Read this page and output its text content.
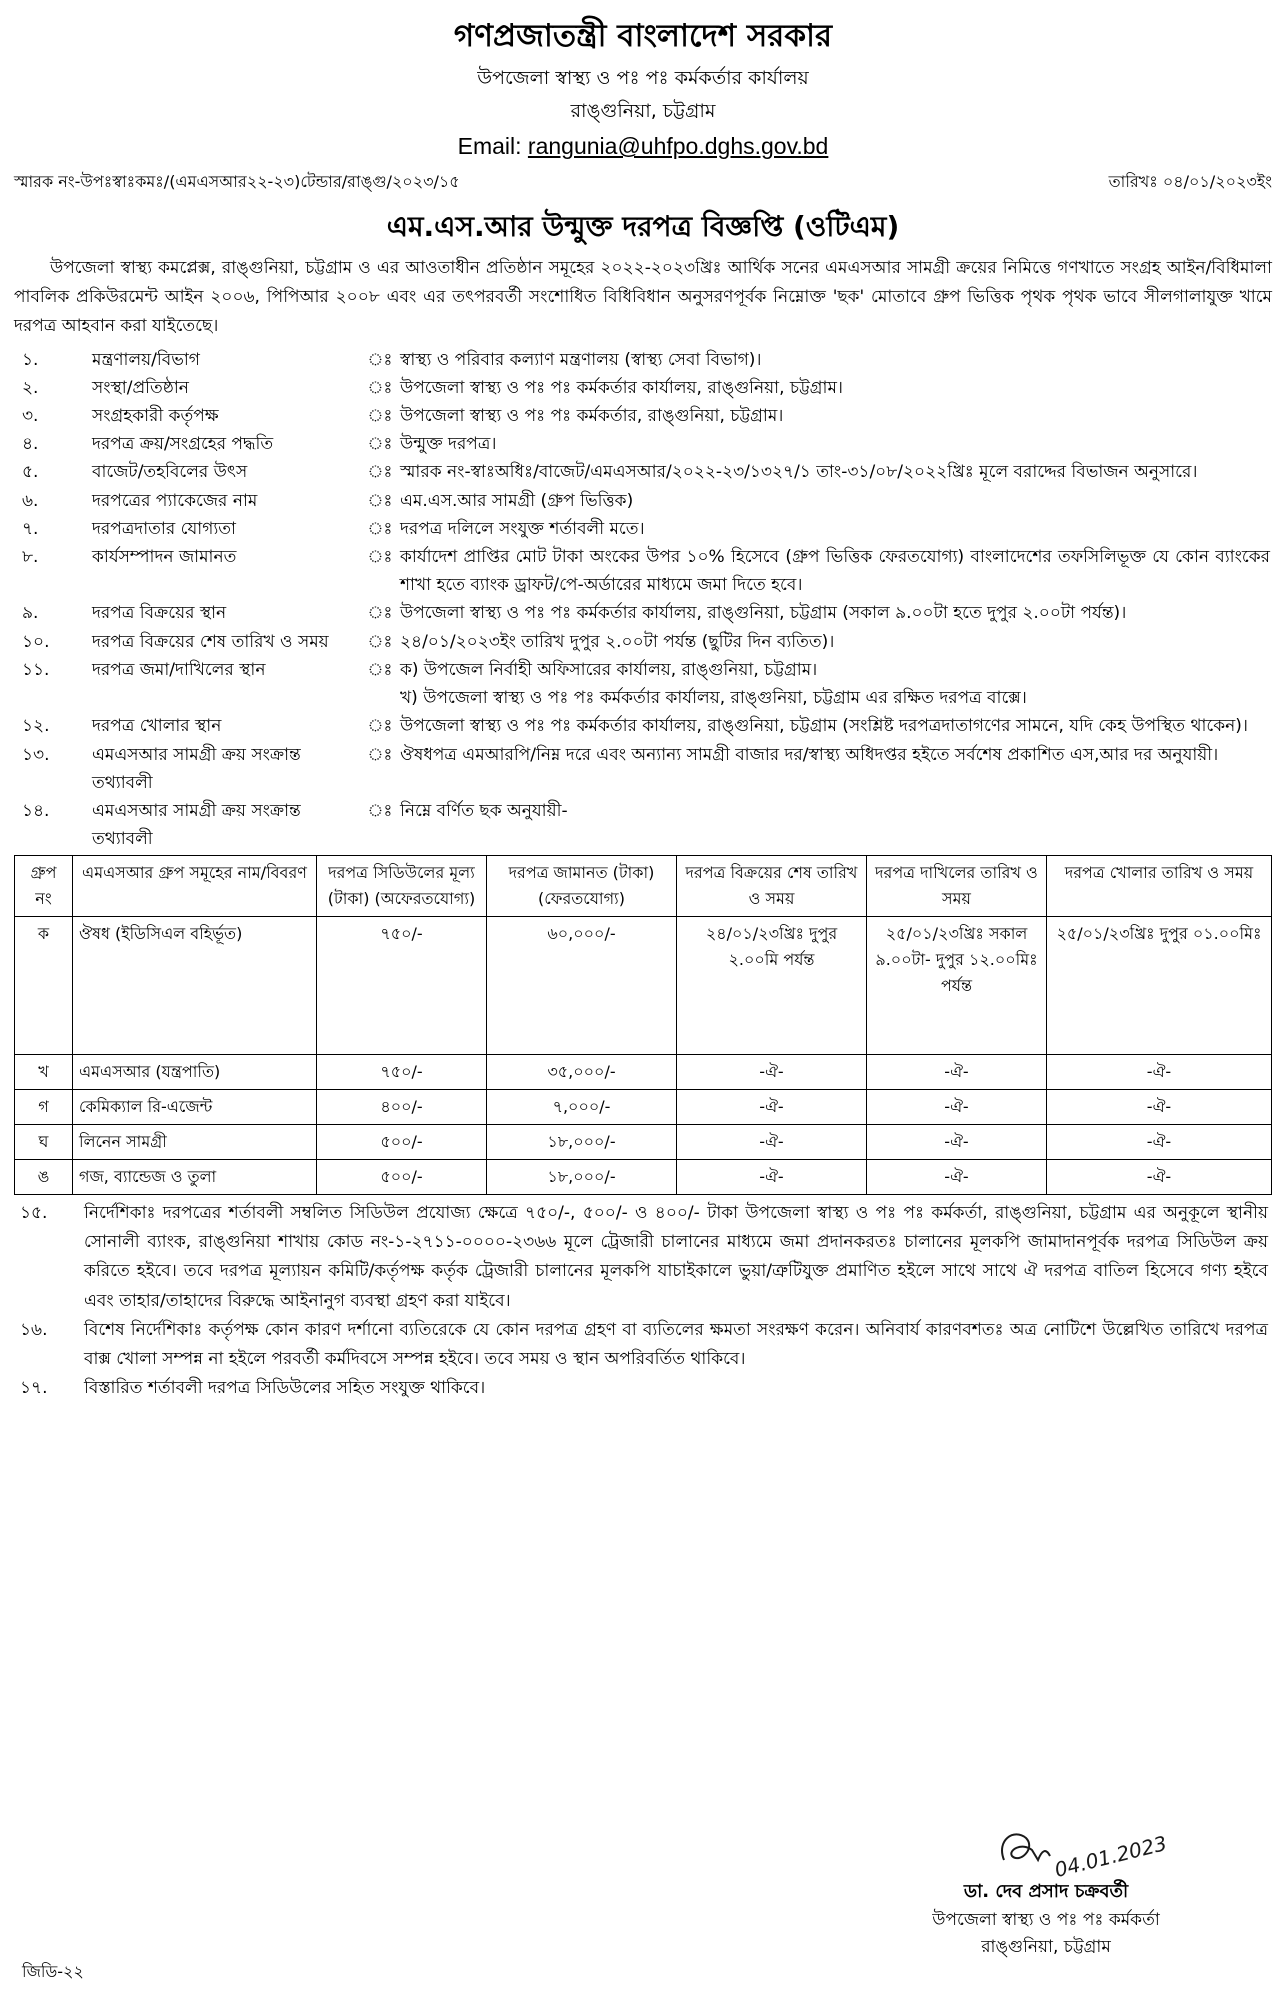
গণপ্রজাতন্ত্রী বাংলাদেশ সরকার
উপজেলা স্বাস্থ্য ও পঃ পঃ কর্মকর্তার কার্যালয়
রাঙ্গুনিয়া, চট্টগ্রাম
Email: rangunia@uhfpo.dghs.gov.bd
স্মারক নং-উপঃস্বাঃকমঃ/(এমএসআর২২-২৩)টেন্ডার/রাঙ্গু/২০২৩/১৫	তারিখঃ ০৪/০১/২০২৩ইং
এম.এস.আর উন্মুক্ত দরপত্র বিজ্ঞপ্তি (ওটিএম)
উপজেলা স্বাস্থ্য কমপ্লেক্স, রাঙ্গুনিয়া, চট্টগ্রাম ও এর আওতাধীন প্রতিষ্ঠান সমূহের ২০২২-২০২৩খ্রিঃ আর্থিক সনের এমএসআর সামগ্রী ক্রয়ের নিমিত্তে গণখাতে সংগ্রহ আইন/বিধিমালা পাবলিক প্রকিউরমেন্ট আইন ২০০৬, পিপিআর ২০০৮ এবং এর তৎপরবর্তী সংশোধিত বিধিবিধান অনুসরণপূর্বক নিম্নোক্ত 'ছক' মোতাবে গ্রুপ ভিত্তিক পৃথক পৃথক ভাবে সীলগালাযুক্ত খামে দরপত্র আহবান করা যাইতেছে।
১.	মন্ত্রণালয়/বিভাগ	ঃ স্বাস্থ্য ও পরিবার কল্যাণ মন্ত্রণালয় (স্বাস্থ্য সেবা বিভাগ)।
২.	সংস্থা/প্রতিষ্ঠান	ঃ উপজেলা স্বাস্থ্য ও পঃ পঃ কর্মকর্তার কার্যালয়, রাঙ্গুনিয়া, চট্টগ্রাম।
৩.	সংগ্রহকারী কর্তৃপক্ষ	ঃ উপজেলা স্বাস্থ্য ও পঃ পঃ কর্মকর্তার, রাঙ্গুনিয়া, চট্টগ্রাম।
৪.	দরপত্র ক্রয়/সংগ্রহের পদ্ধতি	ঃ উন্মুক্ত দরপত্র।
৫.	বাজেট/তহবিলের উৎস	ঃ স্মারক নং-স্বাঃঅধিঃ/বাজেট/এমএসআর/২০২২-২৩/১৩২৭/১ তাং-৩১/০৮/২০২২খ্রিঃ মূলে বরাদ্দের বিভাজন অনুসারে।
৬.	দরপত্রের প্যাকেজের নাম	ঃ এম.এস.আর সামগ্রী (গ্রুপ ভিত্তিক)
৭.	দরপত্রদাতার যোগ্যতা	ঃ দরপত্র দলিলে সংযুক্ত শর্তাবলী মতে।
৮.	কার্যসম্পাদন জামানত	ঃ কার্যাদেশ প্রাপ্তির মোট টাকা অংকের উপর ১০% হিসেবে (গ্রুপ ভিত্তিক ফেরতযোগ্য) বাংলাদেশের তফসিলিভূক্ত যে কোন ব্যাংকের শাখা হতে ব্যাংক ড্রাফট/পে-অর্ডারের মাধ্যমে জমা দিতে হবে।
৯.	দরপত্র বিক্রয়ের স্থান	ঃ উপজেলা স্বাস্থ্য ও পঃ পঃ কর্মকর্তার কার্যালয়, রাঙ্গুনিয়া, চট্টগ্রাম (সকাল ৯.০০টা হতে দুপুর ২.০০টা পর্যন্ত)।
১০.	দরপত্র বিক্রয়ের শেষ তারিখ ও সময়	ঃ ২৪/০১/২০২৩ইং তারিখ দুপুর ২.০০টা পর্যন্ত (ছুটির দিন ব্যতিত)।
১১.	দরপত্র জমা/দাখিলের স্থান	ঃ ক) উপজেল নির্বাহী অফিসারের কার্যালয়, রাঙ্গুনিয়া, চট্টগ্রাম।
খ) উপজেলা স্বাস্থ্য ও পঃ পঃ কর্মকর্তার কার্যালয়, রাঙ্গুনিয়া, চট্টগ্রাম এর রক্ষিত দরপত্র বাক্সে।
১২.	দরপত্র খোলার স্থান	ঃ উপজেলা স্বাস্থ্য ও পঃ পঃ কর্মকর্তার কার্যালয়, রাঙ্গুনিয়া, চট্টগ্রাম (সংশ্লিষ্ট দরপত্রদাতাগণের সামনে, যদি কেহ উপস্থিত থাকেন)।
১৩.	এমএসআর সামগ্রী ক্রয় সংক্রান্ত তথ্যাবলী
ঃ ঔষধপত্র এমআরপি/নিম্ন দরে এবং অন্যান্য সামগ্রী বাজার দর/স্বাস্থ্য অধিদপ্তর হইতে সর্বশেষ প্রকাশিত এস,আর দর অনুযায়ী।
১৪.	এমএসআর সামগ্রী ক্রয় সংক্রান্ত তথ্যাবলী
ঃ নিম্নে বর্ণিত ছক অনুযায়ী-
গ্রুপ নং	এমএসআর গ্রুপ সমূহের নাম/বিবরণ	দরপত্র সিডিউলের মূল্য (টাকা) (অফেরতযোগ্য)	দরপত্র জামানত (টাকা) (ফেরতযোগ্য)	দরপত্র বিক্রয়ের শেষ তারিখ ও সময়	দরপত্র দাখিলের তারিখ ও সময়	দরপত্র খোলার তারিখ ও সময়
ক	ঔষধ (ইডিসিএল বহির্ভূত)	৭৫০/-	৬০,০০০/-	২৪/০১/২৩খ্রিঃ দুপুর ২.০০মি পর্যন্ত	২৫/০১/২৩খ্রিঃ সকাল ৯.০০টা- দুপুর ১২.০০মিঃ পর্যন্ত	২৫/০১/২৩খ্রিঃ দুপুর ০১.০০মিঃ
খ	এমএসআর (যন্ত্রপাতি)	৭৫০/-	৩৫,০০০/-	-ঐ-	-ঐ-	-ঐ-
গ	কেমিক্যাল রি-এজেন্ট	৪০০/-	৭,০০০/-	-ঐ-	-ঐ-	-ঐ-
ঘ	লিনেন সামগ্রী	৫০০/-	১৮,০০০/-	-ঐ-	-ঐ-	-ঐ-
ঙ	গজ, ব্যান্ডেজ ও তুলা	৫০০/-	১৮,০০০/-	-ঐ-	-ঐ-	-ঐ-
১৫.	নির্দেশিকাঃ দরপত্রের শর্তাবলী সম্বলিত সিডিউল প্রযোজ্য ক্ষেত্রে ৭৫০/-, ৫০০/- ও ৪০০/- টাকা উপজেলা স্বাস্থ্য ও পঃ পঃ কর্মকর্তা, রাঙ্গুনিয়া, চট্টগ্রাম এর অনুকূলে স্থানীয় সোনালী ব্যাংক, রাঙ্গুনিয়া শাখায় কোড নং-১-২৭১১-০০০০-২৩৬৬ মূলে ট্রেজারী চালানের মাধ্যমে জমা প্রদানকরতঃ চালানের মূলকপি জামাদানপূর্বক দরপত্র সিডিউল ক্রয় করিতে হইবে। তবে দরপত্র মূল্যায়ন কমিটি/কর্তৃপক্ষ কর্তৃক ট্রেজারী চালানের মূলকপি যাচাইকালে ভুয়া/ত্রুটিযুক্ত প্রমাণিত হইলে সাথে সাথে ঐ দরপত্র বাতিল হিসেবে গণ্য হইবে এবং তাহার/তাহাদের বিরুদ্ধে আইনানুগ ব্যবস্থা গ্রহণ করা যাইবে।
১৬.	বিশেষ নির্দেশিকাঃ কর্তৃপক্ষ কোন কারণ দর্শানো ব্যতিরেকে যে কোন দরপত্র গ্রহণ বা ব্যতিলের ক্ষমতা সংরক্ষণ করেন। অনিবার্য কারণবশতঃ অত্র নোটিশে উল্লেখিত তারিখে দরপত্র বাক্স খোলা সম্পন্ন না হইলে পরবর্তী কর্মদিবসে সম্পন্ন হইবে। তবে সময় ও স্থান অপরিবর্তিত থাকিবে।
১৭.	বিস্তারিত শর্তাবলী দরপত্র সিডিউলের সহিত সংযুক্ত থাকিবে।
04.01.2023
ডা. দেব প্রসাদ চক্রবর্তী
উপজেলা স্বাস্থ্য ও পঃ পঃ কর্মকর্তা
রাঙ্গুনিয়া, চট্টগ্রাম
জিডি-২২
